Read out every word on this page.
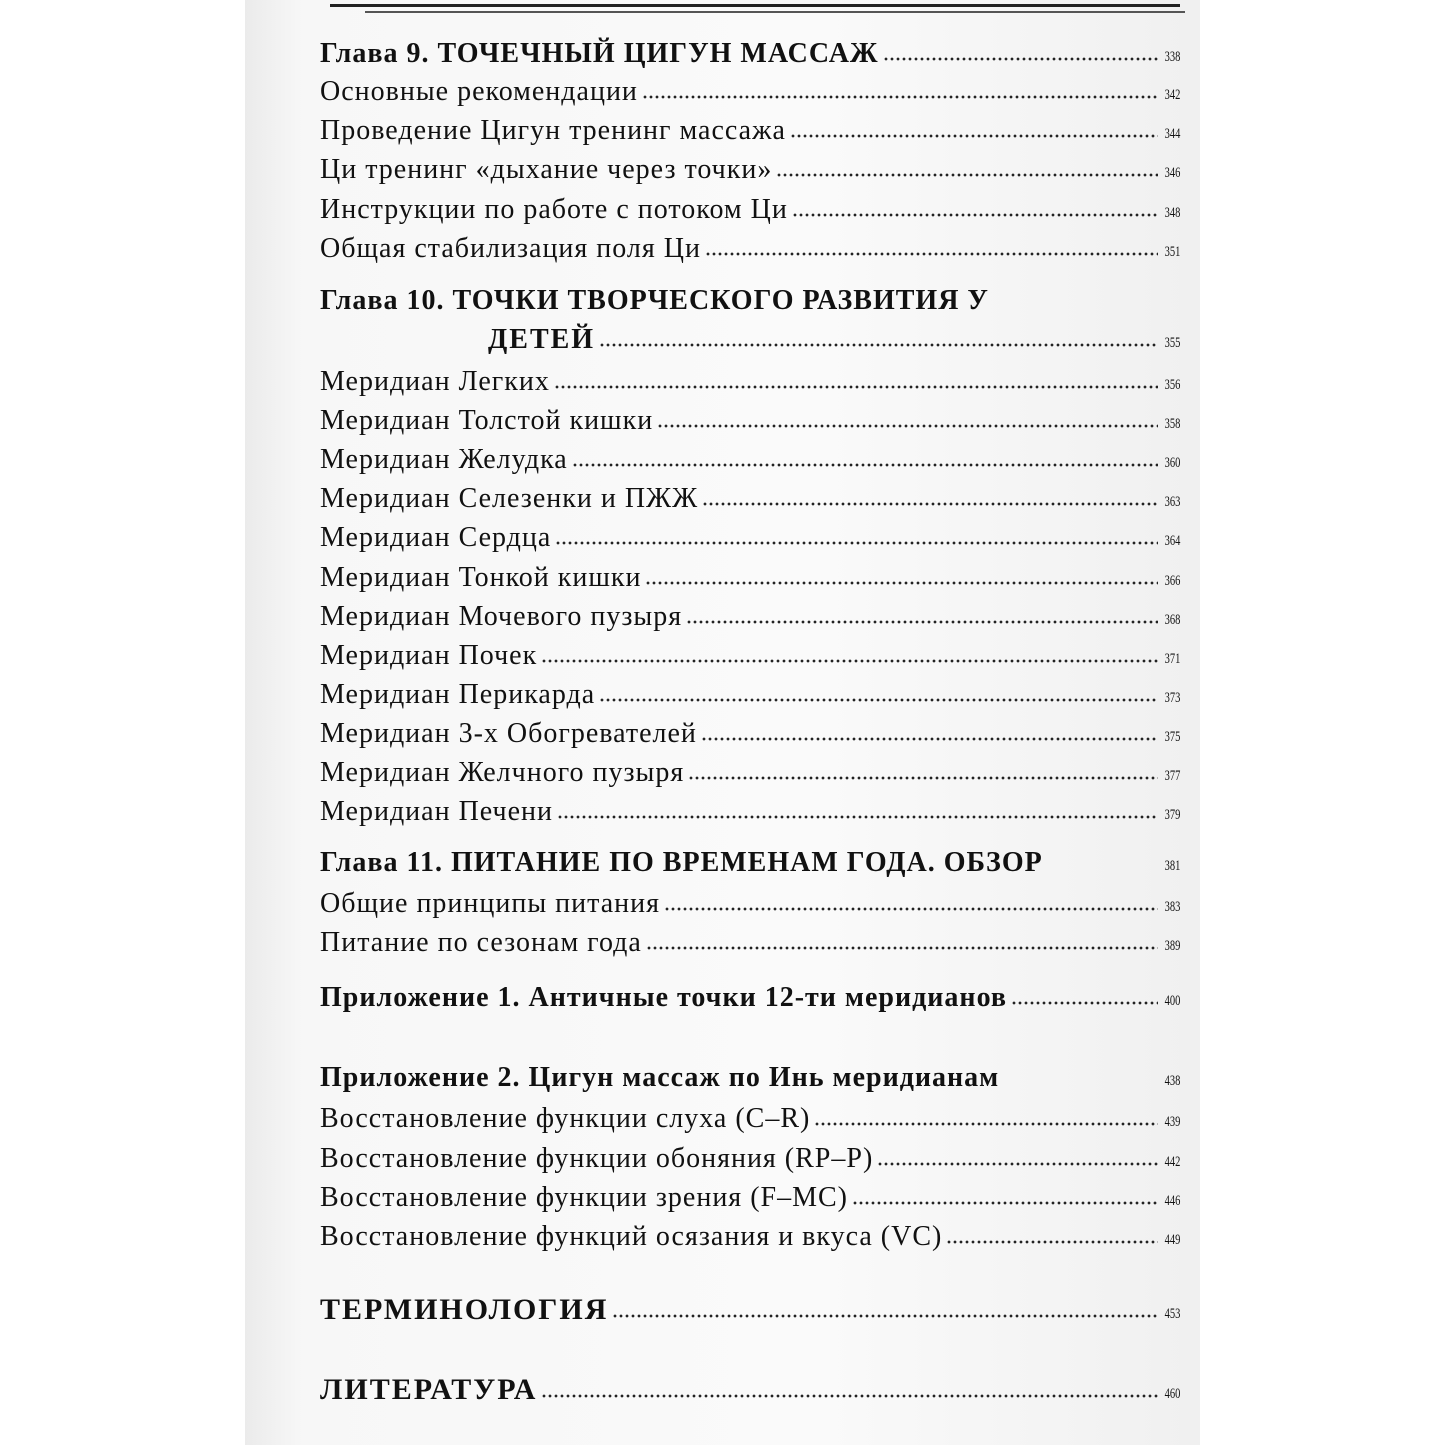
Глава 9. ТОЧЕЧНЫЙ ЦИГУН МАССАЖ	338
Основные рекомендации	342
Проведение Цигун тренинг массажа	344
Ци тренинг «дыхание через точки»	346
Инструкции по работе с потоком Ци	348
Общая стабилизация поля Ци	351
Глава 10. ТОЧКИ ТВОРЧЕСКОГО РАЗВИТИЯ У
ДЕТЕЙ	355
Меридиан Легких	356
Меридиан Толстой кишки	358
Меридиан Желудка	360
Меридиан Селезенки и ПЖЖ	363
Меридиан Сердца	364
Меридиан Тонкой кишки	366
Меридиан Мочевого пузыря	368
Меридиан Почек	371
Меридиан Перикарда	373
Меридиан 3-х Обогревателей	375
Меридиан Желчного пузыря	377
Меридиан Печени	379
Глава 11. ПИТАНИЕ ПО ВРЕМЕНАМ ГОДА. ОБЗОР	381
Общие принципы питания	383
Питание по сезонам года	389
Приложение 1. Античные точки 12-ти меридианов	400
Приложение 2. Цигун массаж по Инь меридианам	438
Восстановление функции слуха (C–R)	439
Восстановление функции обоняния (RP–P)	442
Восстановление функции зрения (F–MC)	446
Восстановление функций осязания и вкуса (VC)	449
ТЕРМИНОЛОГИЯ	453
ЛИТЕРАТУРА	460
